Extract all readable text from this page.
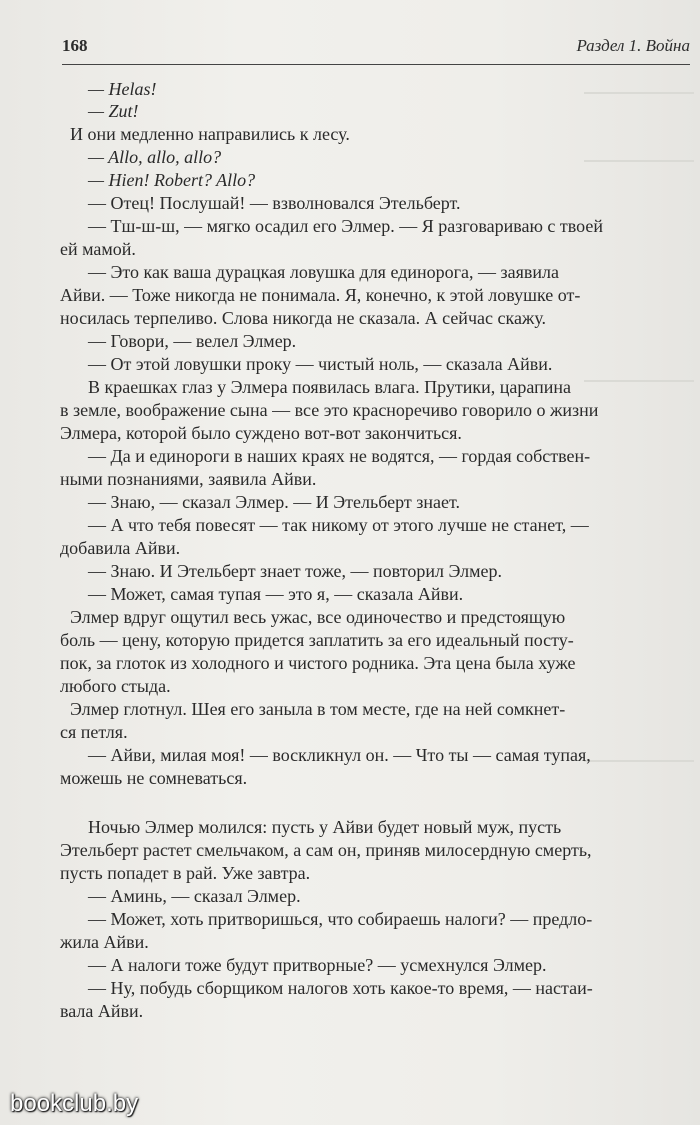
168	Раздел 1. Война
— Helas!
— Zut!
И они медленно направились к лесу.
— Allo, allo, allo?
— Hien! Robert? Allo?
— Отец! Послушай! — взволновался Этельберт.
— Тш-ш-ш, — мягко осадил его Элмер. — Я разговариваю с твоей
ей мамой.
— Это как ваша дурацкая ловушка для единорога, — заявила
Айви. — Тоже никогда не понимала. Я, конечно, к этой ловушке от-
носилась терпеливо. Слова никогда не сказала. А сейчас скажу.
— Говори, — велел Элмер.
— От этой ловушки проку — чистый ноль, — сказала Айви.
В краешках глаз у Элмера появилась влага. Прутики, царапина
в земле, воображение сына — все это красноречиво говорило о жизни
Элмера, которой было суждено вот-вот закончиться.
— Да и единороги в наших краях не водятся, — гордая собствен-
ными познаниями, заявила Айви.
— Знаю, — сказал Элмер. — И Этельберт знает.
— А что тебя повесят — так никому от этого лучше не станет, —
добавила Айви.
— Знаю. И Этельберт знает тоже, — повторил Элмер.
— Может, самая тупая — это я, — сказала Айви.
Элмер вдруг ощутил весь ужас, все одиночество и предстоящую
боль — цену, которую придется заплатить за его идеальный посту-
пок, за глоток из холодного и чистого родника. Эта цена была хуже
любого стыда.
Элмер глотнул. Шея его заныла в том месте, где на ней сомкнет-
ся петля.
— Айви, милая моя! — воскликнул он. — Что ты — самая тупая,
можешь не сомневаться.
Ночью Элмер молился: пусть у Айви будет новый муж, пусть
Этельберт растет смельчаком, а сам он, приняв милосердную смерть,
пусть попадет в рай. Уже завтра.
— Аминь, — сказал Элмер.
— Может, хоть притворишься, что собираешь налоги? — предло-
жила Айви.
— А налоги тоже будут притворные? — усмехнулся Элмер.
— Ну, побудь сборщиком налогов хоть какое-то время, — настаи-
вала Айви.
bookclub.by
